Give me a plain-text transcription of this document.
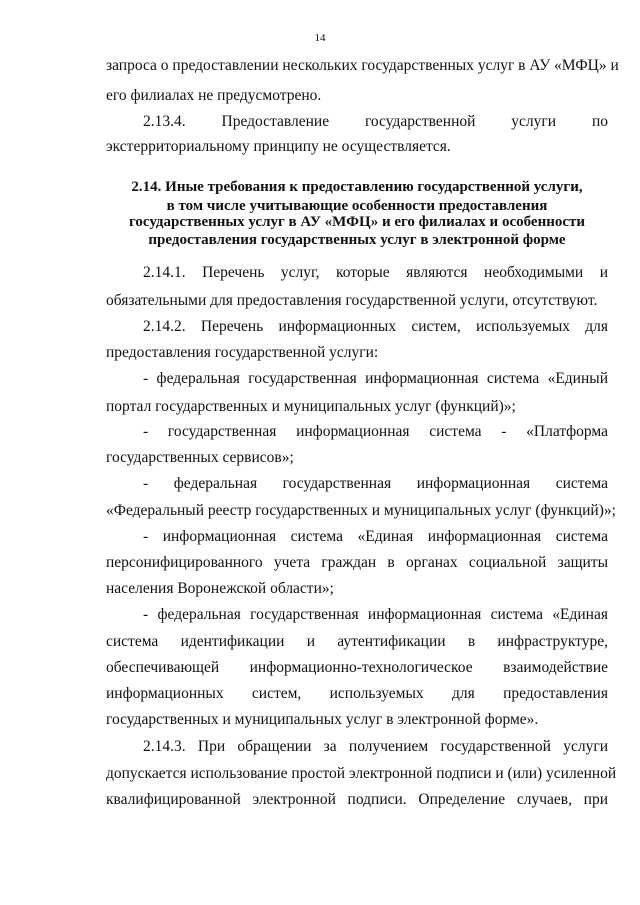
14
запроса о предоставлении нескольких государственных услуг в АУ «МФЦ» и
его филиалах не предусмотрено.
2.13.4. Предоставление государственной услуги по
экстерриториальному принципу не осуществляется.
2.14. Иные требования к предоставлению государственной услуги,
в том числе учитывающие особенности предоставления
государственных услуг в АУ «МФЦ» и его филиалах и особенности
предоставления государственных услуг в электронной форме
2.14.1. Перечень услуг, которые являются необходимыми и
обязательными для предоставления государственной услуги, отсутствуют.
2.14.2. Перечень информационных систем, используемых для
предоставления государственной услуги:
- федеральная государственная информационная система «Единый
портал государственных и муниципальных услуг (функций)»;
- государственная информационная система - «Платформа
государственных сервисов»;
- федеральная государственная информационная система
«Федеральный реестр государственных и муниципальных услуг (функций)»;
- информационная система «Единая информационная система
персонифицированного учета граждан в органах социальной защиты
населения Воронежской области»;
- федеральная государственная информационная система «Единая
система идентификации и аутентификации в инфраструктуре,
обеспечивающей информационно-технологическое взаимодействие
информационных систем, используемых для предоставления
государственных и муниципальных услуг в электронной форме».
2.14.3. При обращении за получением государственной услуги
допускается использование простой электронной подписи и (или) усиленной
квалифицированной электронной подписи. Определение случаев, при
